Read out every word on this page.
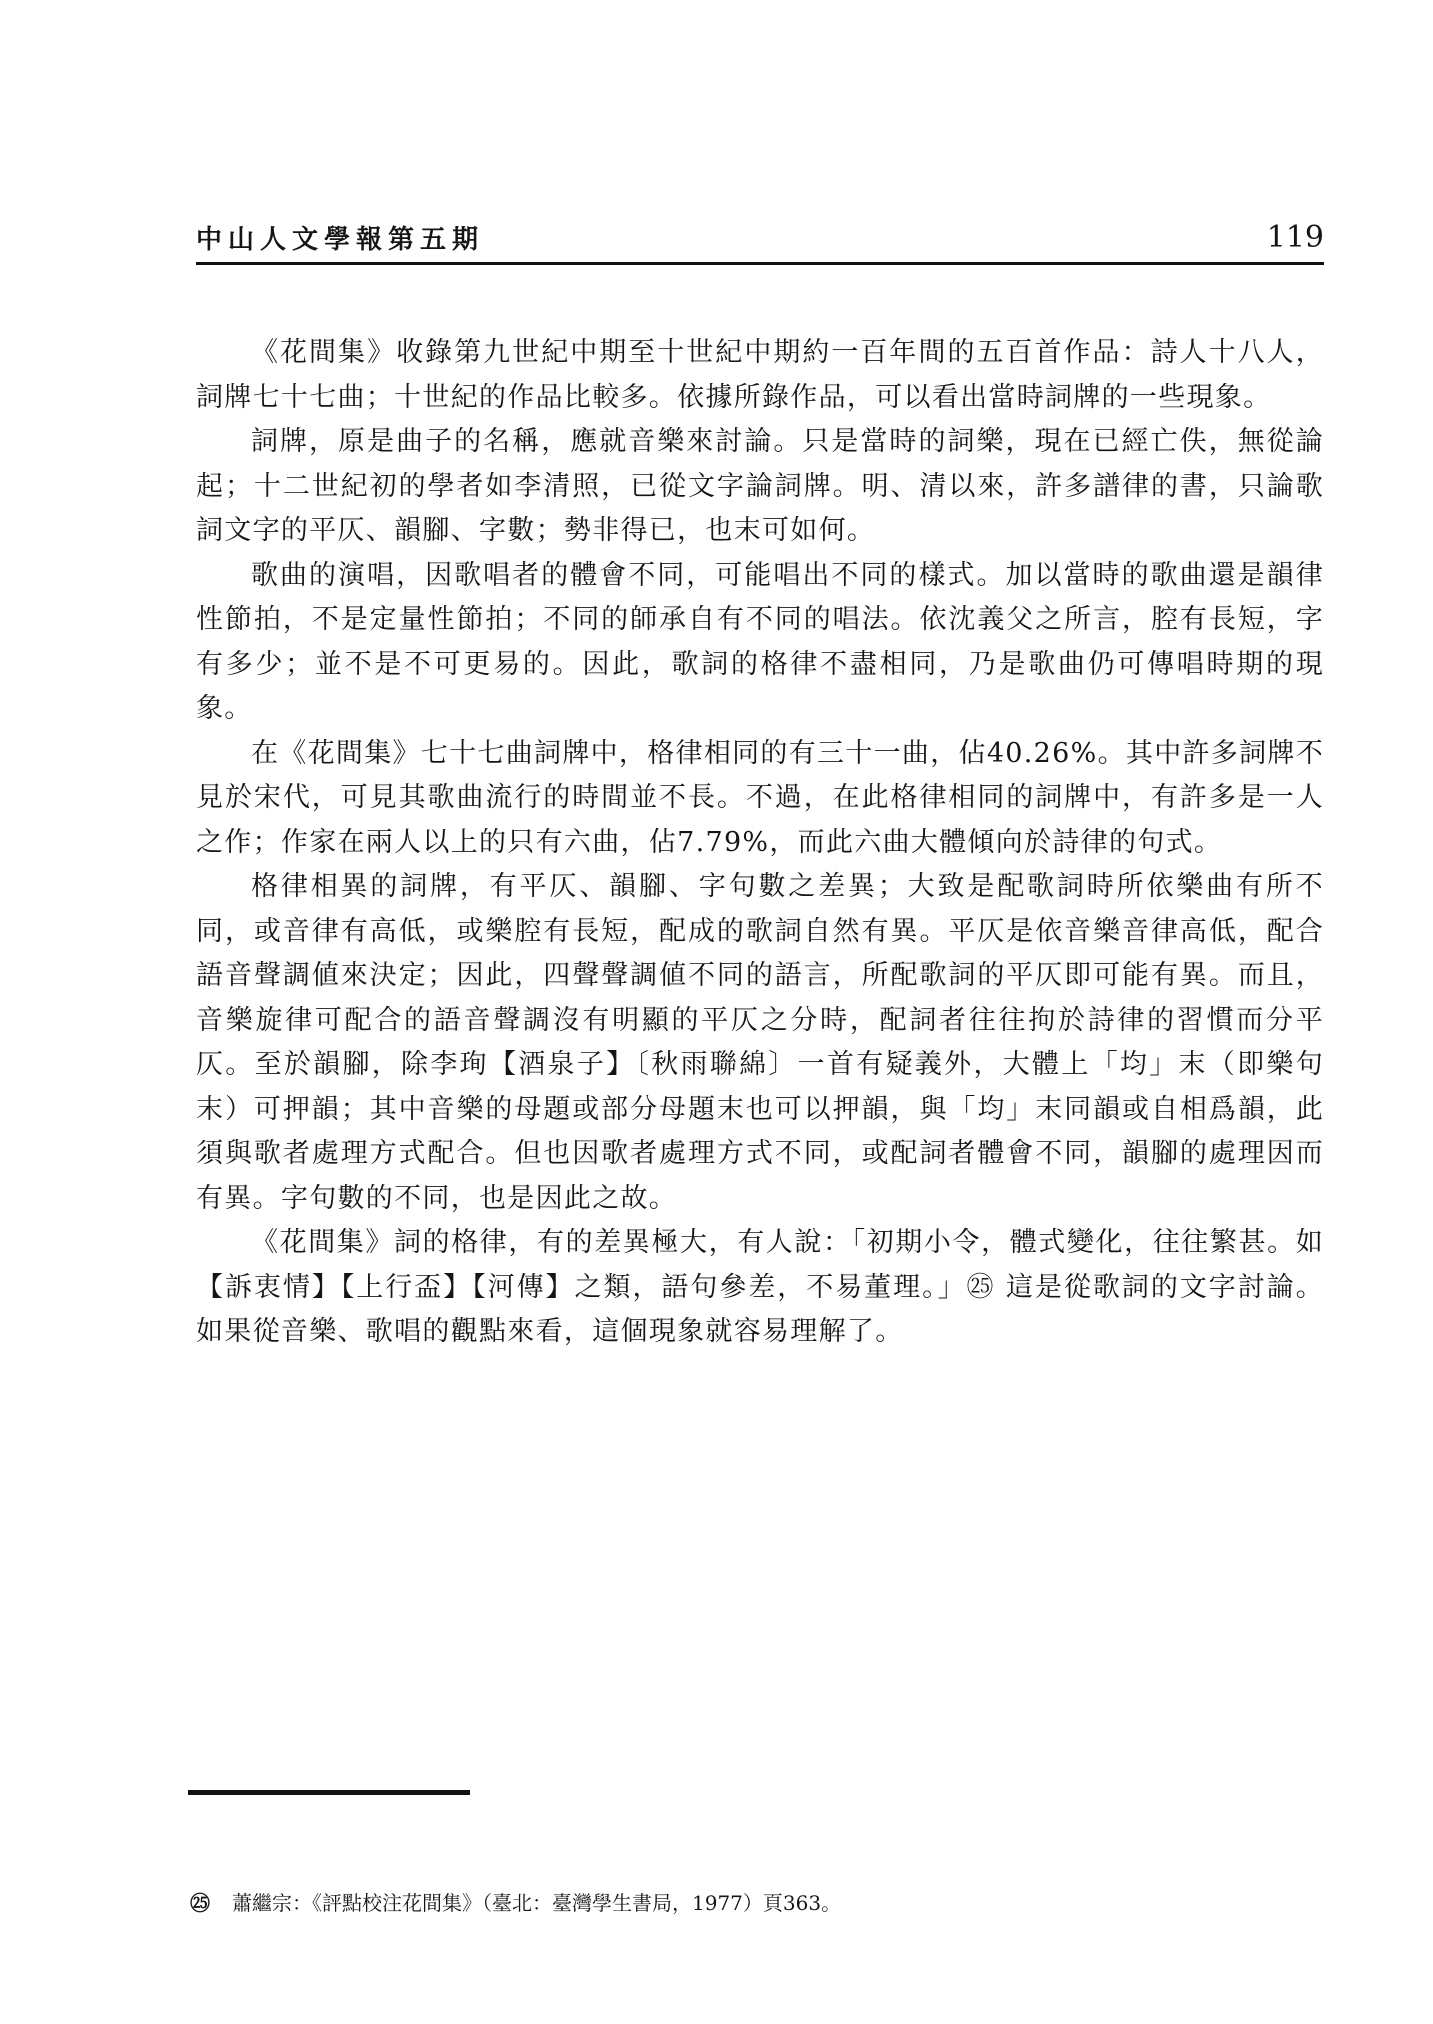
中山人文學報第五期	119

《花間集》收錄第九世紀中期至十世紀中期約一百年間的五百首作品：詩人十八人，詞牌七十七曲；十世紀的作品比較多。依據所錄作品，可以看出當時詞牌的一些現象。

詞牌，原是曲子的名稱，應就音樂來討論。只是當時的詞樂，現在已經亡佚，無從論起；十二世紀初的學者如李清照，已從文字論詞牌。明、清以來，許多譜律的書，只論歌詞文字的平仄、韻腳、字數；勢非得已，也末可如何。

歌曲的演唱，因歌唱者的體會不同，可能唱出不同的樣式。加以當時的歌曲還是韻律性節拍，不是定量性節拍；不同的師承自有不同的唱法。依沈義父之所言，腔有長短，字有多少；並不是不可更易的。因此，歌詞的格律不盡相同，乃是歌曲仍可傳唱時期的現象。

在《花間集》七十七曲詞牌中，格律相同的有三十一曲，佔40.26%。其中許多詞牌不見於宋代，可見其歌曲流行的時間並不長。不過，在此格律相同的詞牌中，有許多是一人之作；作家在兩人以上的只有六曲，佔7.79%，而此六曲大體傾向於詩律的句式。

格律相異的詞牌，有平仄、韻腳、字句數之差異；大致是配歌詞時所依樂曲有所不同，或音律有高低，或樂腔有長短，配成的歌詞自然有異。平仄是依音樂音律高低，配合語音聲調値來決定；因此，四聲聲調値不同的語言，所配歌詞的平仄即可能有異。而且，音樂旋律可配合的語音聲調沒有明顯的平仄之分時，配詞者往往拘於詩律的習慣而分平仄。至於韻腳，除李珣【酒泉子】〔秋雨聯綿〕一首有疑義外，大體上「均」末（即樂句末）可押韻；其中音樂的母題或部分母題末也可以押韻，與「均」末同韻或自相爲韻，此須與歌者處理方式配合。但也因歌者處理方式不同，或配詞者體會不同，韻腳的處理因而有異。字句數的不同，也是因此之故。

《花間集》詞的格律，有的差異極大，有人說：「初期小令，體式變化，往往繁甚。如【訴衷情】【上行盃】【河傳】之類，語句參差，不易董理。」㉕ 這是從歌詞的文字討論。如果從音樂、歌唱的觀點來看，這個現象就容易理解了。

㉕ 蕭繼宗：《評點校注花間集》（臺北：臺灣學生書局，1977）頁363。
